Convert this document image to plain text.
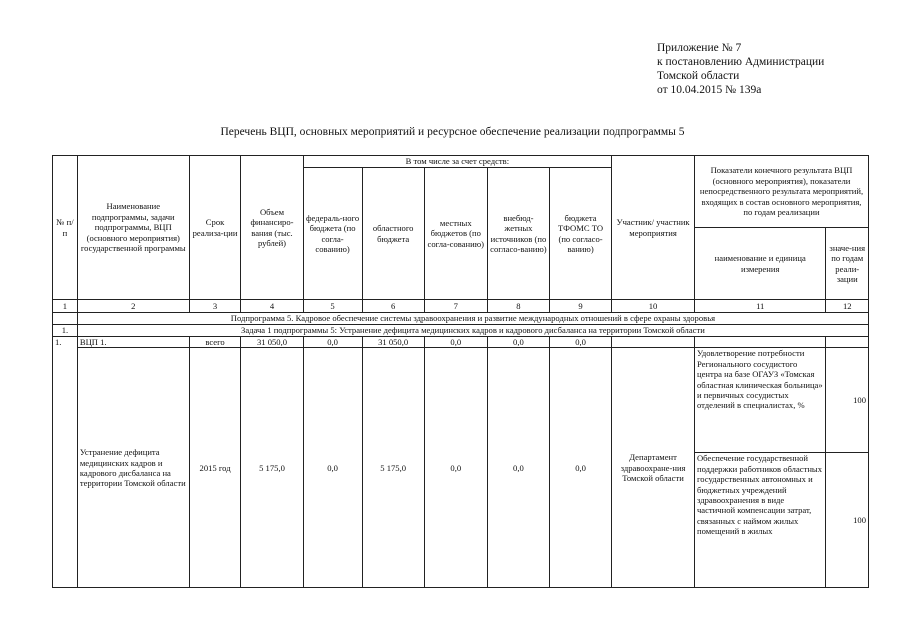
Приложение № 7
к постановлению Администрации
Томской области
от 10.04.2015 № 139а
Перечень ВЦП, основных мероприятий и ресурсное обеспечение реализации подпрограммы 5
№ п/п	Наименование подпрограммы, задачи подпрограммы, ВЦП (основного мероприятия) государственной программы	Срок реализа-ции	Объем финансиро-вания (тыс. рублей)	В том числе за счет средств:					Участник/ участник мероприятия	Показатели конечного результата ВЦП (основного мероприятия), показатели непосредственного результата мероприятий, входящих в состав основного мероприятия, по годам реализации	
				федераль-ного бюджета (по согла-сованию)	областного бюджета	местных бюджетов (по согла-сованию)	внебюд-жетных источников (по согласо-ванию)	бюджета ТФОМС ТО (по согласо-ванию)			
										наименование и единица измерения	значе-ния по годам реали-зации
1	2	3	4	5	6	7	8	9	10	11	12
	Подпрограмма 5. Кадровое обеспечение системы здравоохранения и развитие международных отношений в сфере охраны здоровья										
1.	Задача 1 подпрограммы 5: Устранение дефицита медицинских кадров и кадрового дисбаланса на территории Томской области										
1.	ВЦП 1.	всего	31 050,0	0,0	31 050,0	0,0	0,0	0,0			
	Устранение дефицита медицинских кадров и кадрового дисбаланса на территории Томской области	2015 год	5 175,0	0,0	5 175,0	0,0	0,0	0,0	Департамент здравоохране-ния Томской области	Удовлетворение потребности Регионального сосудистого центра на базе ОГАУЗ «Томская областная клиническая больница» и первичных сосудистых отделений в специалистах, %	100

										Обеспечение государственной поддержки работников областных государственных автономных и бюджетных учреждений здравоохранения в виде частичной компенсации затрат, связанных с наймом жилых помещений в жилых	100
